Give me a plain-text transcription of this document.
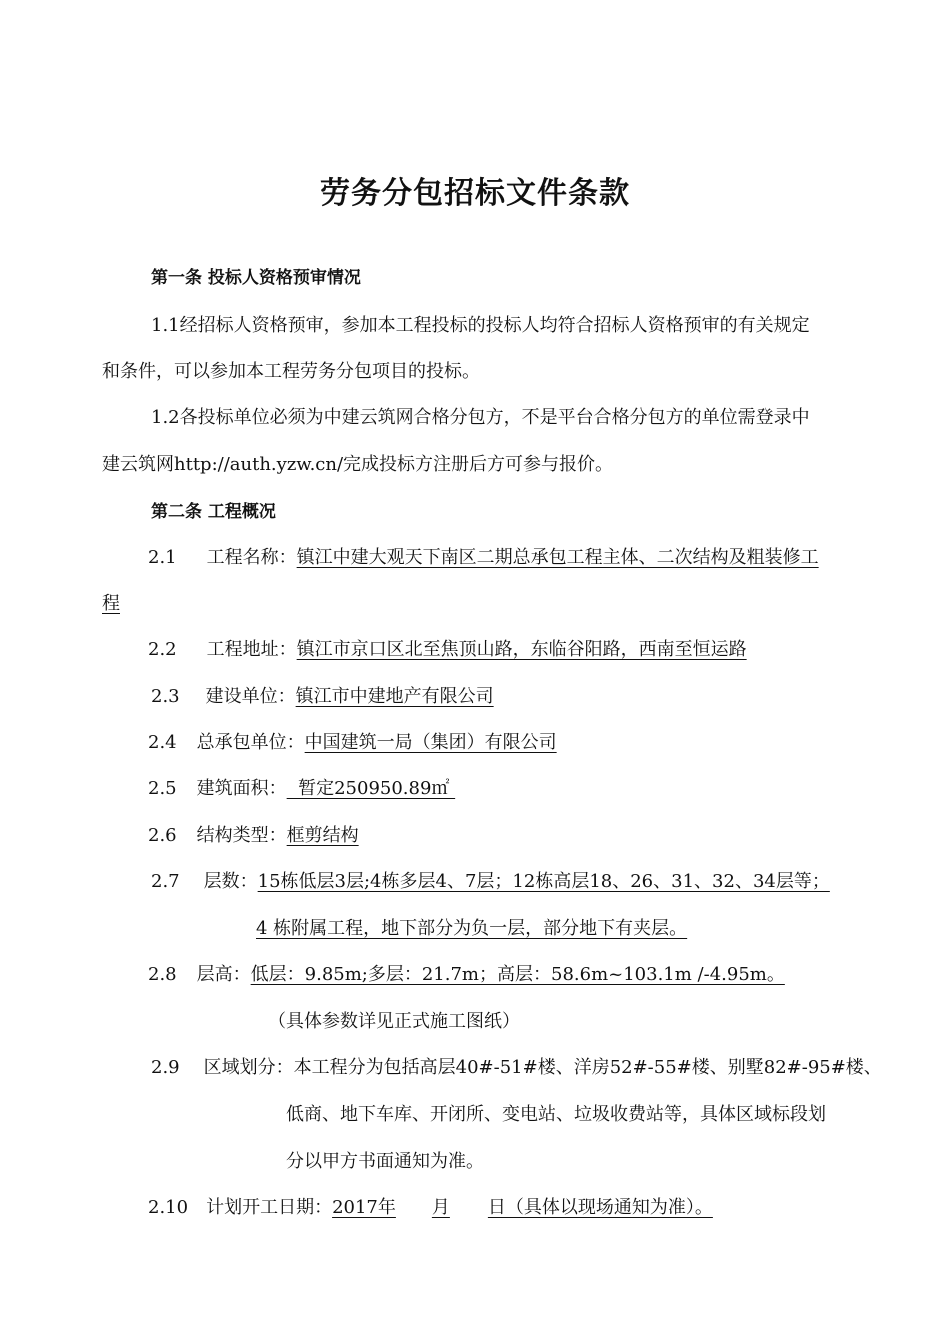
劳务分包招标文件条款
第一条 投标人资格预审情况
1.1经招标人资格预审，参加本工程投标的投标人均符合招标人资格预审的有关规定
和条件，可以参加本工程劳务分包项目的投标。
1.2各投标单位必须为中建云筑网合格分包方，不是平台合格分包方的单位需登录中
建云筑网http://auth.yzw.cn/完成投标方注册后方可参与报价。
第二条 工程概况
2.1 工程名称：镇江中建大观天下南区二期总承包工程主体、二次结构及粗装修工
程
2.2 工程地址：镇江市京口区北至焦顶山路，东临谷阳路，西南至恒运路
2.3 建设单位：镇江市中建地产有限公司
2.4 总承包单位：中国建筑一局（集团）有限公司
2.5 建筑面积：  暂定250950.89㎡
2.6 结构类型：框剪结构
2.7 层数：15栋低层3层;4栋多层4、7层；12栋高层18、26、31、32、34层等；
4 栋附属工程，地下部分为负一层，部分地下有夹层。
2.8 层高：低层：9.85m;多层：21.7m；高层：58.6m~103.1m /-4.95m。
（具体参数详见正式施工图纸）
2.9 区域划分：本工程分为包括高层40#-51#楼、洋房52#-55#楼、别墅82#-95#楼、
低商、地下车库、开闭所、变电站、垃圾收费站等，具体区域标段划
分以甲方书面通知为准。
2.10 计划开工日期：2017年 月 日（具体以现场通知为准）。
